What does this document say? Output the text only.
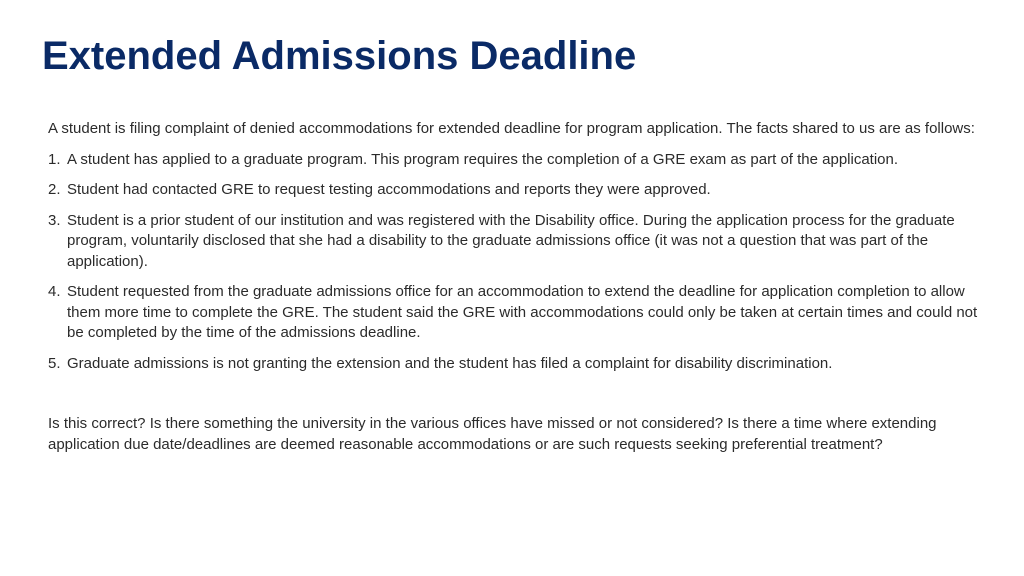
Extended Admissions Deadline

A student is filing complaint of denied accommodations for extended deadline for program application. The facts shared to us are as follows:

1. A student has applied to a graduate program. This program requires the completion of a GRE exam as part of the application.
2. Student had contacted GRE to request testing accommodations and reports they were approved.
3. Student is a prior student of our institution and was registered with the Disability office. During the application process for the graduate program, voluntarily disclosed that she had a disability to the graduate admissions office (it was not a question that was part of the application).
4. Student requested from the graduate admissions office for an accommodation to extend the deadline for application completion to allow them more time to complete the GRE. The student said the GRE with accommodations could only be taken at certain times and could not be completed by the time of the admissions deadline.
5. Graduate admissions is not granting the extension and the student has filed a complaint for disability discrimination.

Is this correct? Is there something the university in the various offices have missed or not considered? Is there a time where extending application due date/deadlines are deemed reasonable accommodations or are such requests seeking preferential treatment?
